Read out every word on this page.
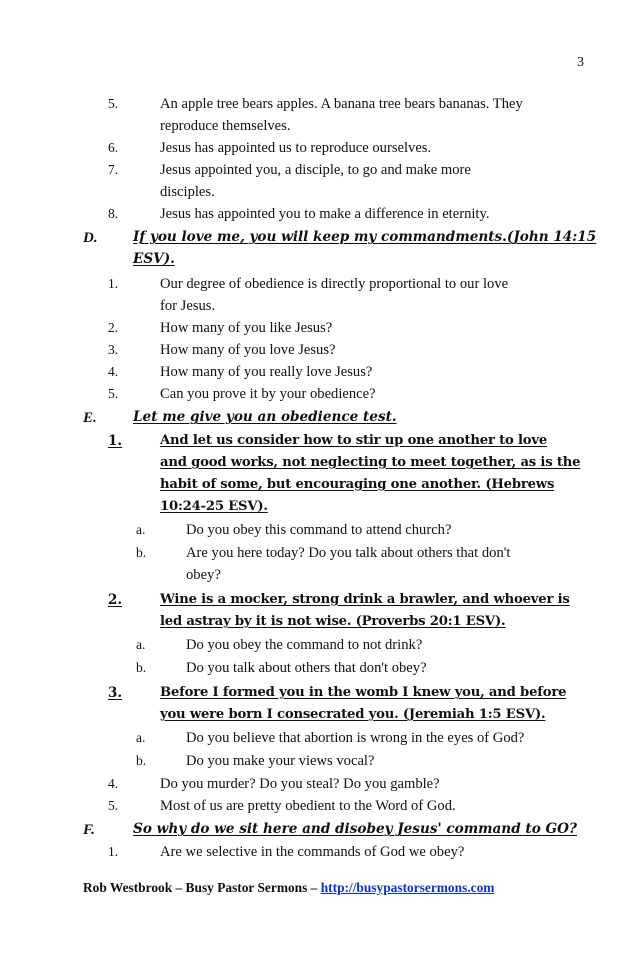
3
5.	An apple tree bears apples. A banana tree bears bananas. They
reproduce themselves.
6.	Jesus has appointed us to reproduce ourselves.
7.	Jesus appointed you, a disciple, to go and make more
disciples.
8.	Jesus has appointed you to make a difference in eternity.
D.	If you love me, you will keep my commandments.(John 14:15
ESV).
1.	Our degree of obedience is directly proportional to our love
for Jesus.
2.	How many of you like Jesus?
3.	How many of you love Jesus?
4.	How many of you really love Jesus?
5.	Can you prove it by your obedience?
E.	Let me give you an obedience test.
1.	And let us consider how to stir up one another to love
and good works, not neglecting to meet together, as is the
habit of some, but encouraging one another. (Hebrews
10:24-25 ESV).
a.	Do you obey this command to attend church?
b.	Are you here today? Do you talk about others that don't
obey?
2.	Wine is a mocker, strong drink a brawler, and whoever is
led astray by it is not wise. (Proverbs 20:1 ESV).
a.	Do you obey the command to not drink?
b.	Do you talk about others that don't obey?
3.	Before I formed you in the womb I knew you, and before
you were born I consecrated you. (Jeremiah 1:5 ESV).
a.	Do you believe that abortion is wrong in the eyes of God?
b.	Do you make your views vocal?
4.	Do you murder? Do you steal? Do you gamble?
5.	Most of us are pretty obedient to the Word of God.
F.	So why do we sit here and disobey Jesus' command to GO?
1.	Are we selective in the commands of God we obey?
Rob Westbrook – Busy Pastor Sermons – http://busypastorsermons.com
